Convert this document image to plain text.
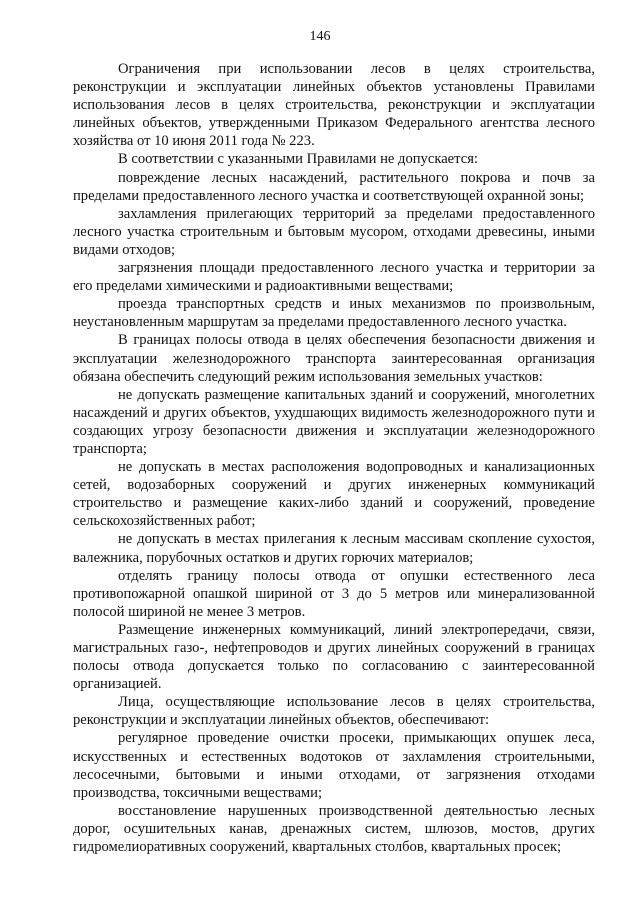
146

Ограничения при использовании лесов в целях строительства, реконструкции и эксплуатации линейных объектов установлены Правилами использования лесов в целях строительства, реконструкции и эксплуатации линейных объектов, утвержденными Приказом Федерального агентства лесного хозяйства от 10 июня 2011 года № 223.

В соответствии с указанными Правилами не допускается:

повреждение лесных насаждений, растительного покрова и почв за пределами предоставленного лесного участка и соответствующей охранной зоны;

захламления прилегающих территорий за пределами предоставленного лесного участка строительным и бытовым мусором, отходами древесины, иными видами отходов;

загрязнения площади предоставленного лесного участка и территории за его пределами химическими и радиоактивными веществами;

проезда транспортных средств и иных механизмов по произвольным, неустановленным маршрутам за пределами предоставленного лесного участка.

В границах полосы отвода в целях обеспечения безопасности движения и эксплуатации железнодорожного транспорта заинтересованная организация обязана обеспечить следующий режим использования земельных участков:

не допускать размещение капитальных зданий и сооружений, многолетних насаждений и других объектов, ухудшающих видимость железнодорожного пути и создающих угрозу безопасности движения и эксплуатации железнодорожного транспорта;

не допускать в местах расположения водопроводных и канализационных сетей, водозаборных сооружений и других инженерных коммуникаций строительство и размещение каких-либо зданий и сооружений, проведение сельскохозяйственных работ;

не допускать в местах прилегания к лесным массивам скопление сухостоя, валежника, порубочных остатков и других горючих материалов;

отделять границу полосы отвода от опушки естественного леса противопожарной опашкой шириной от 3 до 5 метров или минерализованной полосой шириной не менее 3 метров.

Размещение инженерных коммуникаций, линий электропередачи, связи, магистральных газо-, нефтепроводов и других линейных сооружений в границах полосы отвода допускается только по согласованию с заинтересованной организацией.

Лица, осуществляющие использование лесов в целях строительства, реконструкции и эксплуатации линейных объектов, обеспечивают:

регулярное проведение очистки просеки, примыкающих опушек леса, искусственных и естественных водотоков от захламления строительными, лесосечными, бытовыми и иными отходами, от загрязнения отходами производства, токсичными веществами;

восстановление нарушенных производственной деятельностью лесных дорог, осушительных канав, дренажных систем, шлюзов, мостов, других гидромелиоративных сооружений, квартальных столбов, квартальных просек;
